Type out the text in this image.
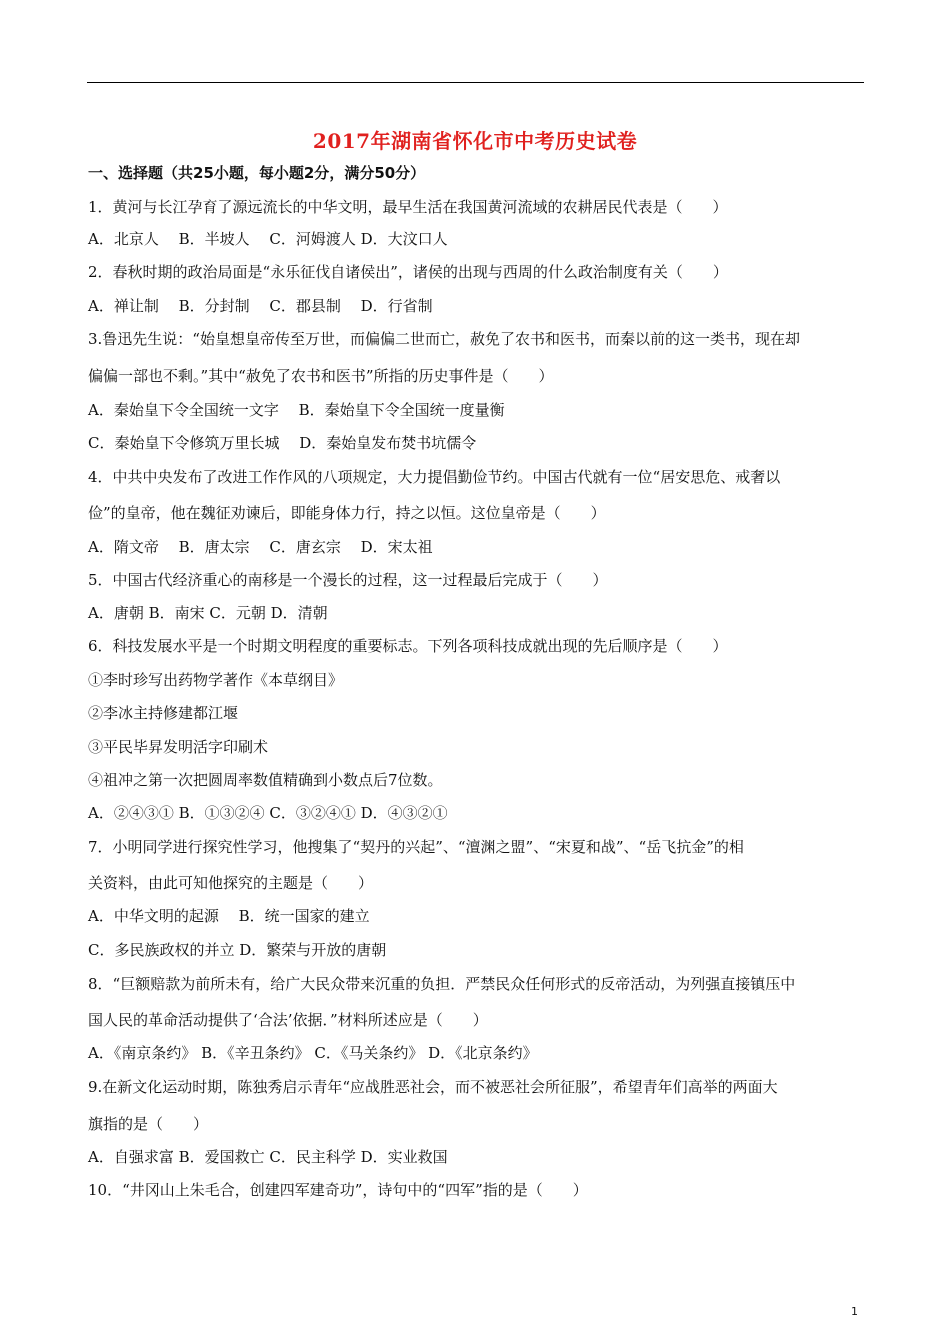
2017年湖南省怀化市中考历史试卷
一、选择题（共25小题，每小题2分，满分50分）
1．黄河与长江孕育了源远流长的中华文明，最早生活在我国黄河流域的农耕居民代表是（　　）
A．北京人　 B．半坡人　 C．河姆渡人 D．大汶口人
2．春秋时期的政治局面是“永乐征伐自诸侯出”，诸侯的出现与西周的什么政治制度有关（　　）
A．禅让制　 B．分封制　 C．郡县制　 D．行省制
3.鲁迅先生说：“始皇想皇帝传至万世，而偏偏二世而亡，赦免了农书和医书，而秦以前的这一类书，现在却
偏偏一部也不剩。”其中“赦免了农书和医书”所指的历史事件是（　　）
A．秦始皇下令全国统一文字　 B．秦始皇下令全国统一度量衡
C．秦始皇下令修筑万里长城　 D．秦始皇发布焚书坑儒令
4．中共中央发布了改进工作作风的八项规定，大力提倡勤俭节约。中国古代就有一位“居安思危、戒奢以
俭”的皇帝，他在魏征劝谏后，即能身体力行，持之以恒。这位皇帝是（　　）
A．隋文帝　 B．唐太宗　 C．唐玄宗　 D．宋太祖
5．中国古代经济重心的南移是一个漫长的过程，这一过程最后完成于（　　）
A．唐朝 B．南宋 C．元朝 D．清朝
6．科技发展水平是一个时期文明程度的重要标志。下列各项科技成就出现的先后顺序是（　　）
①李时珍写出药物学著作《本草纲目》
②李冰主持修建都江堰
③平民毕昇发明活字印刷术
④祖冲之第一次把圆周率数值精确到小数点后7位数。
A．②④③① B．①③②④ C．③②④① D．④③②①
7．小明同学进行探究性学习，他搜集了“契丹的兴起”、“澶渊之盟”、“宋夏和战”、“岳飞抗金”的相
关资料，由此可知他探究的主题是（　　）
A．中华文明的起源　 B．统一国家的建立
C．多民族政权的并立 D．繁荣与开放的唐朝
8．“巨额赔款为前所未有，给广大民众带来沉重的负担．严禁民众任何形式的反帝活动，为列强直接镇压中
国人民的革命活动提供了‘合法’依据．”材料所述应是（　　）
A．《南京条约》 B．《辛丑条约》 C．《马关条约》 D．《北京条约》
9.在新文化运动时期，陈独秀启示青年“应战胜恶社会，而不被恶社会所征服”，希望青年们高举的两面大
旗指的是（　　）
A．自强求富 B．爱国救亡 C．民主科学 D．实业救国
10．“井冈山上朱毛合，创建四军建奇功”，诗句中的“四军”指的是（　　）
1
